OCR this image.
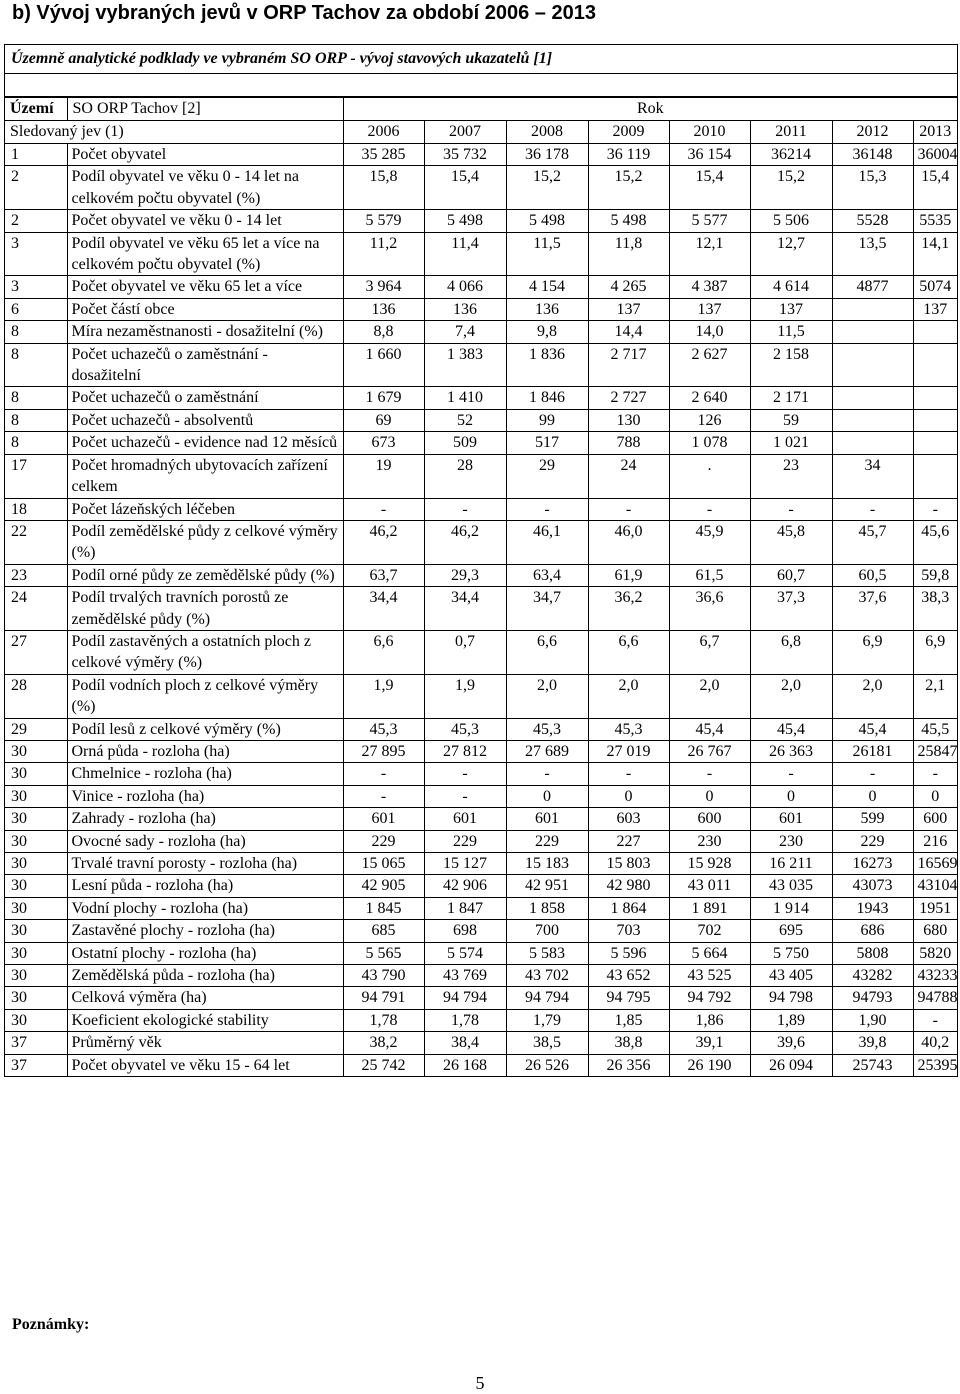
b) Vývoj vybraných jevů v ORP Tachov za období 2006 – 2013
Územně analytické podklady ve vybraném SO ORP - vývoj stavových ukazatelů [1]
Území	SO ORP Tachov [2]	Rok							
Sledovaný jev (1)		2006	2007	2008	2009	2010	2011	2012	2013
1	Počet obyvatel	35 285	35 732	36 178	36 119	36 154	36214	36148	36004
2	Podíl obyvatel ve věku 0 - 14 let na celkovém počtu obyvatel (%)	15,8	15,4	15,2	15,2	15,4	15,2	15,3	15,4
2	Počet obyvatel ve věku 0 - 14 let	5 579	5 498	5 498	5 498	5 577	5 506	5528	5535
3	Podíl obyvatel ve věku 65 let a více na celkovém počtu obyvatel (%)	11,2	11,4	11,5	11,8	12,1	12,7	13,5	14,1
3	Počet obyvatel ve věku 65 let a více	3 964	4 066	4 154	4 265	4 387	4 614	4877	5074
6	Počet částí obce	136	136	136	137	137	137		137
8	Míra nezaměstnanosti - dosažitelní (%)	8,8	7,4	9,8	14,4	14,0	11,5		
8	Počet uchazečů o zaměstnání - dosažitelní	1 660	1 383	1 836	2 717	2 627	2 158		
8	Počet uchazečů o zaměstnání	1 679	1 410	1 846	2 727	2 640	2 171		
8	Počet uchazečů - absolventů	69	52	99	130	126	59		
8	Počet uchazečů - evidence nad 12 měsíců	673	509	517	788	1 078	1 021		
17	Počet hromadných ubytovacích zařízení celkem	19	28	29	24	.	23	34	
18	Počet lázeňských léčeben	-	-	-	-	-	-	-	-
22	Podíl zemědělské půdy z celkové výměry (%)	46,2	46,2	46,1	46,0	45,9	45,8	45,7	45,6
23	Podíl orné půdy ze zemědělské půdy (%)	63,7	29,3	63,4	61,9	61,5	60,7	60,5	59,8
24	Podíl trvalých travních porostů ze zemědělské půdy (%)	34,4	34,4	34,7	36,2	36,6	37,3	37,6	38,3
27	Podíl zastavěných a ostatních ploch z celkové výměry (%)	6,6	0,7	6,6	6,6	6,7	6,8	6,9	6,9
28	Podíl vodních ploch z celkové výměry (%)	1,9	1,9	2,0	2,0	2,0	2,0	2,0	2,1
29	Podíl lesů z celkové výměry (%)	45,3	45,3	45,3	45,3	45,4	45,4	45,4	45,5
30	Orná půda - rozloha (ha)	27 895	27 812	27 689	27 019	26 767	26 363	26181	25847
30	Chmelnice - rozloha (ha)	-	-	-	-	-	-	-	-
30	Vinice - rozloha (ha)	-	-	0	0	0	0	0	0
30	Zahrady - rozloha (ha)	601	601	601	603	600	601	599	600
30	Ovocné sady - rozloha (ha)	229	229	229	227	230	230	229	216
30	Trvalé travní porosty - rozloha (ha)	15 065	15 127	15 183	15 803	15 928	16 211	16273	16569
30	Lesní půda - rozloha (ha)	42 905	42 906	42 951	42 980	43 011	43 035	43073	43104
30	Vodní plochy - rozloha (ha)	1 845	1 847	1 858	1 864	1 891	1 914	1943	1951
30	Zastavěné plochy - rozloha (ha)	685	698	700	703	702	695	686	680
30	Ostatní plochy - rozloha (ha)	5 565	5 574	5 583	5 596	5 664	5 750	5808	5820
30	Zemědělská půda - rozloha (ha)	43 790	43 769	43 702	43 652	43 525	43 405	43282	43233
30	Celková výměra (ha)	94 791	94 794	94 794	94 795	94 792	94 798	94793	94788
30	Koeficient ekologické stability	1,78	1,78	1,79	1,85	1,86	1,89	1,90	-
37	Průměrný věk	38,2	38,4	38,5	38,8	39,1	39,6	39,8	40,2
37	Počet obyvatel ve věku 15 - 64 let	25 742	26 168	26 526	26 356	26 190	26 094	25743	25395
Poznámky:
5
